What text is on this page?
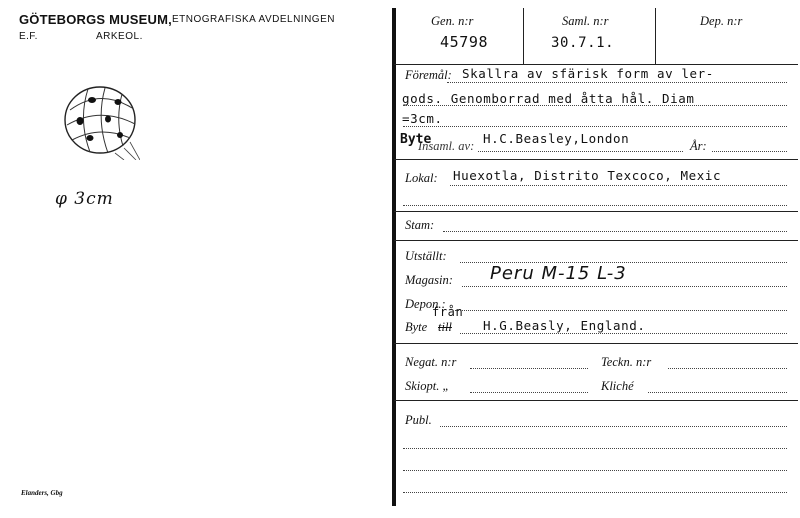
GÖTEBORGS MUSEUM, ETNOGRAFISKA AVDELNINGEN
E.F.	ARKEOL.
φ 3cm
Elanders, Gbg
Gen. n:r
45798
Saml. n:r
30.7.1.
Dep. n:r
Föremål: Skallra av sfärisk form av ler-
gods. Genomborrad med åtta hål. Diam
=3cm.
Byte
Insaml. av: H.C.Beasley,London	År:
Lokal: Huexotla, Distrito Texcoco, Mexic
Stam:
Utställt:
Magasin: Peru M-15 L-3
Depon.:
från
Byte till H.G.Beasly, England.
Negat. n:r	Teckn. n:r
Skiopt. „	Kliché
Publ.
